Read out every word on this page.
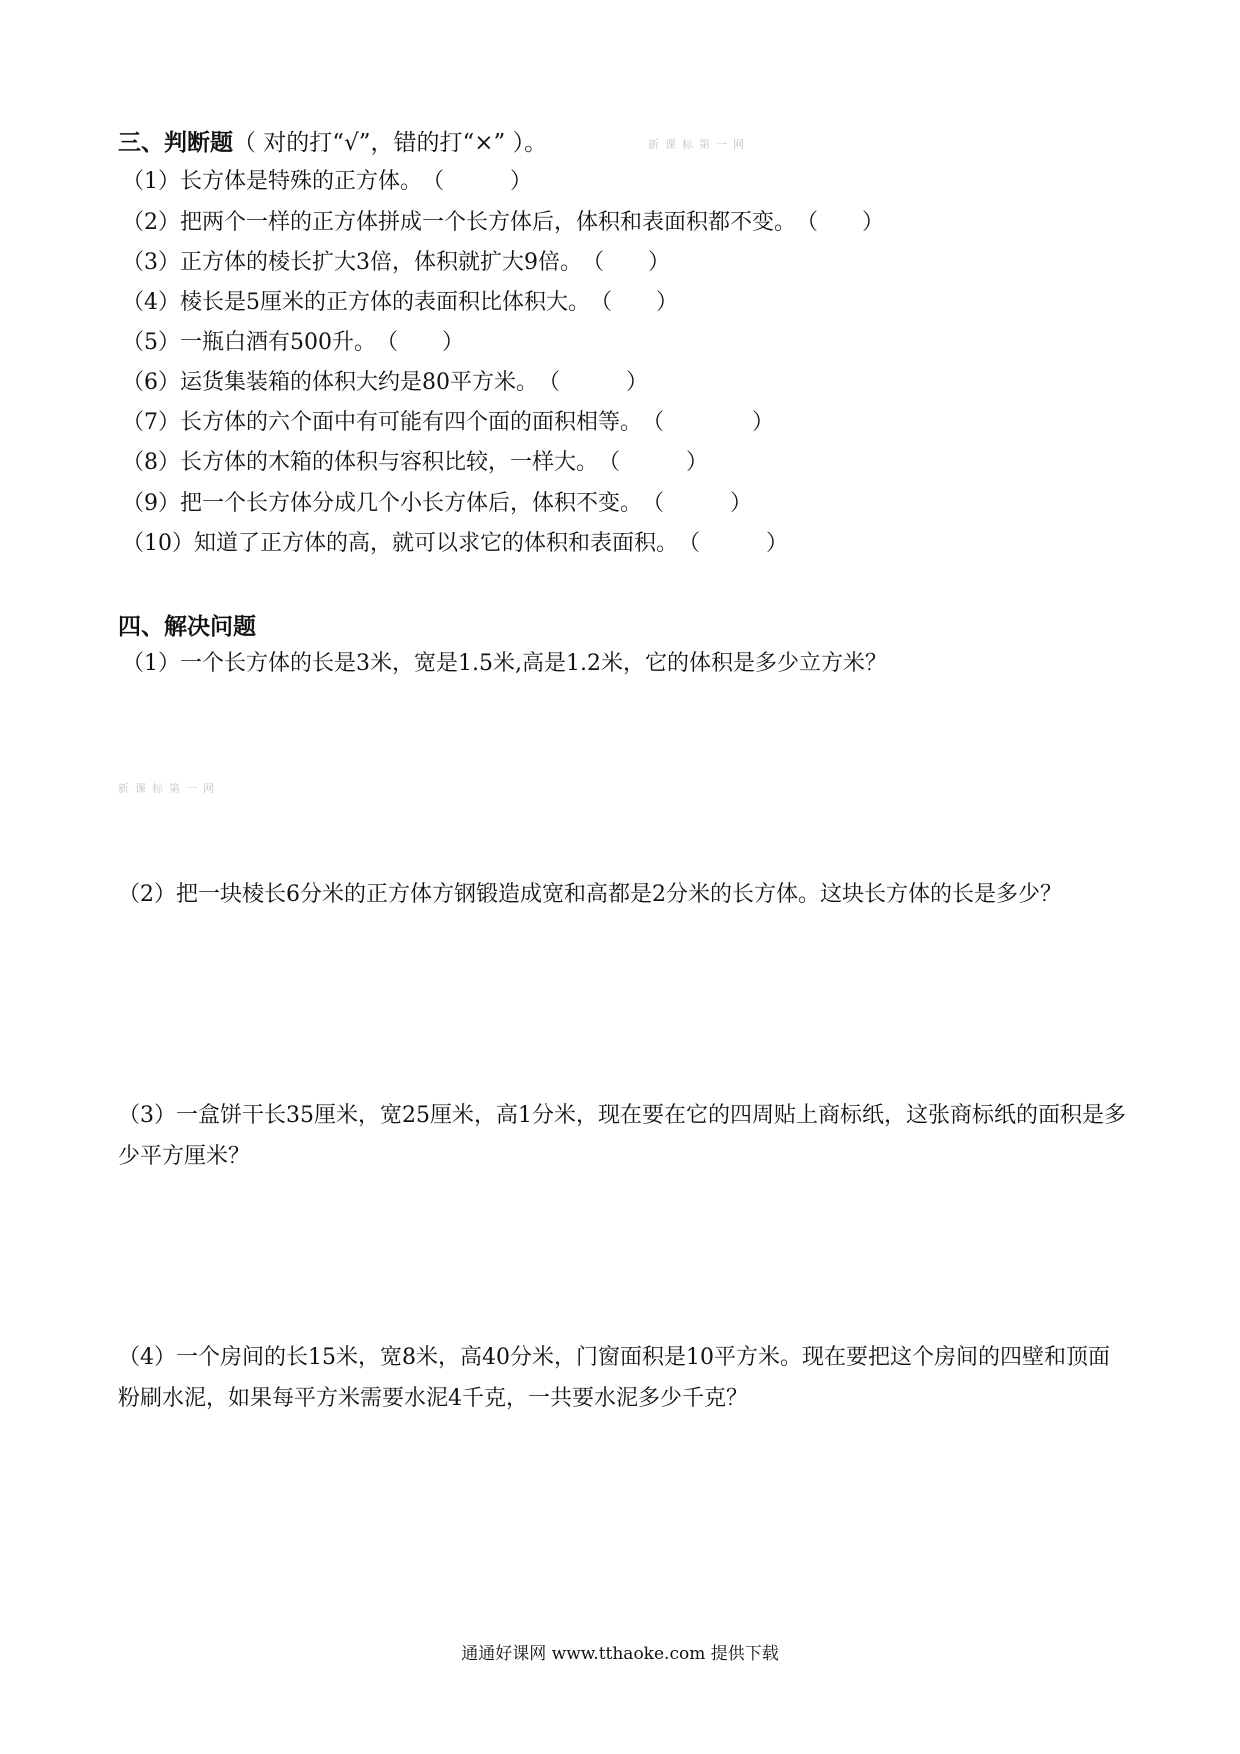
三、判断题（ 对的打“√”，错的打“×” ）。	新课标第一网
（1）长方体是特殊的正方体。（　　　）
（2）把两个一样的正方体拼成一个长方体后，体积和表面积都不变。（　　）
（3）正方体的棱长扩大3倍，体积就扩大9倍。（　　）
（4）棱长是5厘米的正方体的表面积比体积大。（　　）
（5）一瓶白酒有500升。（　　）
（6）运货集装箱的体积大约是80平方米。（　　　）
（7）长方体的六个面中有可能有四个面的面积相等。（　　　　）
（8）长方体的木箱的体积与容积比较，一样大。（　　　）
（9）把一个长方体分成几个小长方体后，体积不变。（　　　）
（10）知道了正方体的高，就可以求它的体积和表面积。（　　　）
四、解决问题
（1）一个长方体的长是3米，宽是1.5米,高是1.2米，它的体积是多少立方米？
新课标第一网
（2）把一块棱长6分米的正方体方钢锻造成宽和高都是2分米的长方体。这块长方体的长是多少？
（3）一盒饼干长35厘米，宽25厘米，高1分米，现在要在它的四周贴上商标纸，这张商标纸的面积是多少平方厘米？
（4）一个房间的长15米，宽8米，高40分米，门窗面积是10平方米。现在要把这个房间的四壁和顶面粉刷水泥，如果每平方米需要水泥4千克，一共要水泥多少千克？
通通好课网 www.tthaoke.com 提供下载
